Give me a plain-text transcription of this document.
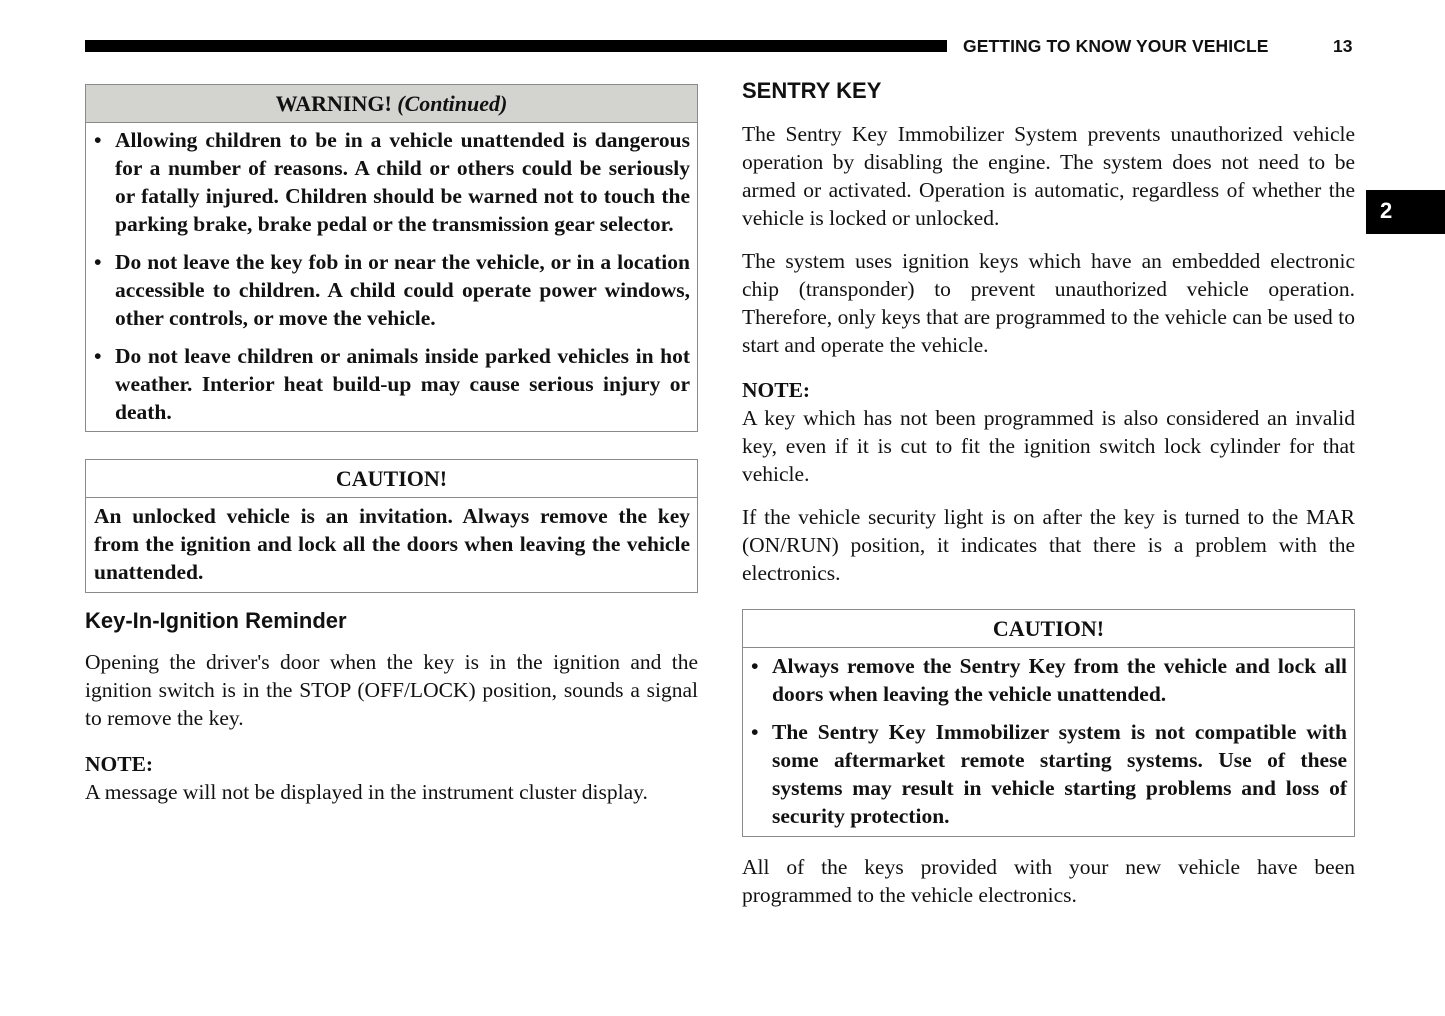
GETTING TO KNOW YOUR VEHICLE	13
2
WARNING! (Continued)
• Allowing children to be in a vehicle unattended is dangerous for a number of reasons. A child or others could be seriously or fatally injured. Children should be warned not to touch the parking brake, brake pedal or the transmission gear selector.
• Do not leave the key fob in or near the vehicle, or in a location accessible to children. A child could operate power windows, other controls, or move the vehicle.
• Do not leave children or animals inside parked vehicles in hot weather. Interior heat build-up may cause serious injury or death.
CAUTION!
An unlocked vehicle is an invitation. Always remove the key from the ignition and lock all the doors when leaving the vehicle unattended.
Key-In-Ignition Reminder

Opening the driver's door when the key is in the ignition and the ignition switch is in the STOP (OFF/LOCK) position, sounds a signal to remove the key.

NOTE:

A message will not be displayed in the instrument cluster display.

SENTRY KEY

The Sentry Key Immobilizer System prevents unauthorized vehicle operation by disabling the engine. The system does not need to be armed or activated. Operation is automatic, regardless of whether the vehicle is locked or unlocked.

The system uses ignition keys which have an embedded electronic chip (transponder) to prevent unauthorized vehicle operation. Therefore, only keys that are programmed to the vehicle can be used to start and operate the vehicle.

NOTE:

A key which has not been programmed is also considered an invalid key, even if it is cut to fit the ignition switch lock cylinder for that vehicle.

If the vehicle security light is on after the key is turned to the MAR (ON/RUN) position, it indicates that there is a problem with the electronics.

CAUTION!
• Always remove the Sentry Key from the vehicle and lock all doors when leaving the vehicle unattended.
• The Sentry Key Immobilizer system is not compatible with some aftermarket remote starting systems. Use of these systems may result in vehicle starting problems and loss of security protection.

All of the keys provided with your new vehicle have been programmed to the vehicle electronics.
